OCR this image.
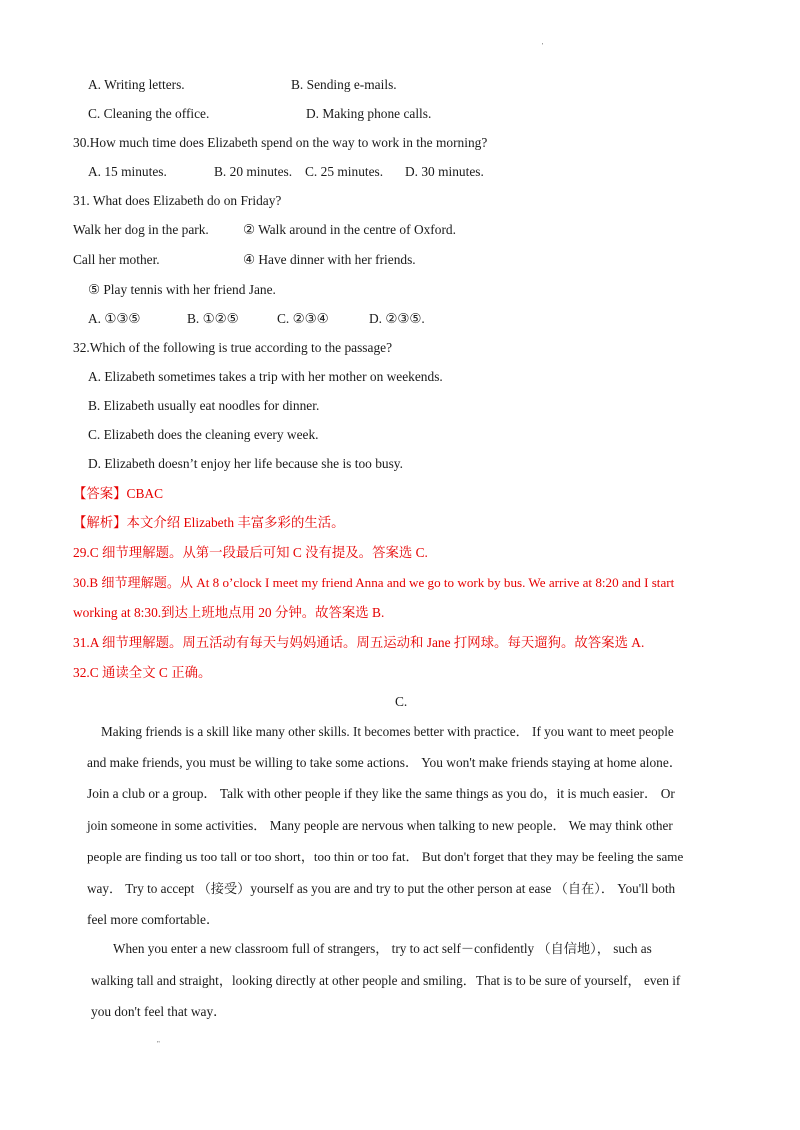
'
A. Writing letters.	B. Sending e-mails.
C. Cleaning the office.	D. Making phone calls.
30.How much time does Elizabeth spend on the way to work in the morning?
A. 15 minutes.	B. 20 minutes. C. 25 minutes. D. 30 minutes.
31. What does Elizabeth do on Friday?
Walk her dog in the park.	② Walk around in the centre of Oxford.
Call her mother.	④ Have dinner with her friends.
⑤ Play tennis with her friend Jane.
A. ①③⑤	B. ①②⑤	C. ②③④	D. ②③⑤.
32.Which of the following is true according to the passage?
A. Elizabeth sometimes takes a trip with her mother on weekends.
B. Elizabeth usually eat noodles for dinner.
C. Elizabeth does the cleaning every week.
D. Elizabeth doesn’t enjoy her life because she is too busy.
【答案】CBAC
【解析】本文介绍 Elizabeth 丰富多彩的生活。
29.C 细节理解题。从第一段最后可知 C 没有提及。答案选 C.
30.B 细节理解题。从 At 8 o’clock I meet my friend Anna and we go to work by bus. We arrive at 8:20 and I start
working at 8:30.到达上班地点用 20 分钟。故答案选 B.
31.A 细节理解题。周五活动有每天与妈妈通话。周五运动和 Jane 打网球。每天遛狗。故答案选 A.
32.C 通读全文 C 正确。
C.
Making friends is a skill like many other skills. It becomes better with practice． If you want to meet people
and make friends, you must be willing to take some actions． You won't make friends staying at home alone．
Join a club or a group． Talk with other people if they like the same things as you do，it is much easier． Or
join someone in some activities． Many people are nervous when talking to new people． We may think other
people are finding us too tall or too short，too thin or too fat． But don't forget that they may be feeling the same
way． Try to accept （接受）yourself as you are and try to put the other person at ease （自在）． You'll both
feel more comfortable．
When you enter a new classroom full of strangers， try to act self－confidently （自信地）， such as
walking tall and straight，looking directly at other people and smiling．That is to be sure of yourself， even if
you don't feel that way．
"
